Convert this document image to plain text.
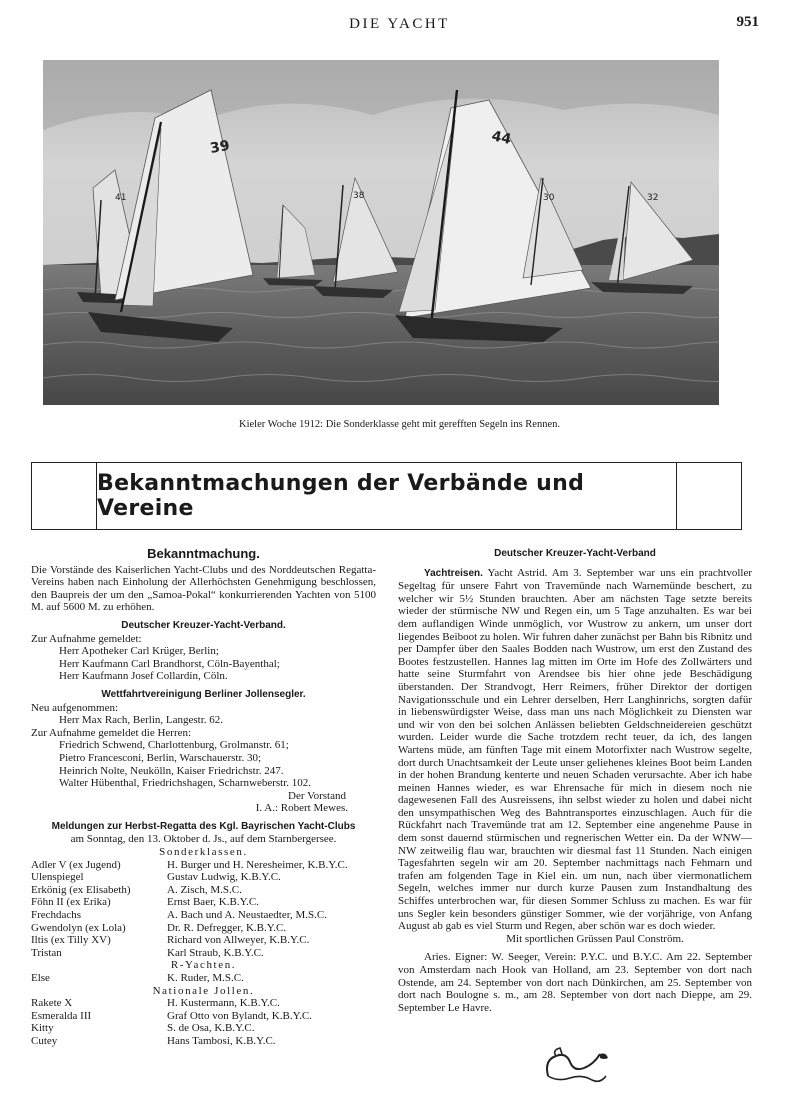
DIE YACHT	951
41
39
38
44
30	32
Kieler Woche 1912: Die Sonderklasse geht mit gerefften Segeln ins Rennen.
Bekanntmachungen der Verbände und Vereine

Bekanntmachung.

Die Vorstände des Kaiserlichen Yacht-Clubs und des Norddeutschen Regatta-Vereins haben nach Einholung der Allerhöchsten Genehmigung beschlossen, den Baupreis der um den „Samoa-Pokal“ konkurrierenden Yachten von 5100 M. auf 5600 M. zu erhöhen.

Deutscher Kreuzer-Yacht-Verband.

Zur Aufnahme gemeldet:

Herr Apotheker Carl Krüger, Berlin;

Herr Kaufmann Carl Brandhorst, Cöln-Bayenthal;

Herr Kaufmann Josef Collardin, Cöln.

Wettfahrtvereinigung Berliner Jollensegler.

Neu aufgenommen:

Herr Max Rach, Berlin, Langestr. 62.

Zur Aufnahme gemeldet die Herren:

Friedrich Schwend, Charlottenburg, Grolmanstr. 61;

Pietro Francesconi, Berlin, Warschauerstr. 30;

Heinrich Nolte, Neukölln, Kaiser Friedrichstr. 247.

Walter Hübenthal, Friedrichshagen, Scharnweberstr. 102.

Der Vorstand

I. A.: Robert Mewes.

Meldungen zur Herbst-Regatta des Kgl. Bayrischen Yacht-Clubs

am Sonntag, den 13. Oktober d. Js., auf dem Starnbergersee.

Sonderklassen.

Adler V (ex Jugend)	H. Burger und H. Neresheimer, K.B.Y.C.
Ulenspiegel	Gustav Ludwig, K.B.Y.C.
Erkönig (ex Elisabeth)	A. Zisch, M.S.C.
Föhn II (ex Erika)	Ernst Baer, K.B.Y.C.
Frechdachs	A. Bach und A. Neustaedter, M.S.C.
Gwendolyn (ex Lola)	Dr. R. Defregger, K.B.Y.C.
Iltis (ex Tilly XV)	Richard von Allweyer, K.B.Y.C.
Tristan	Karl Straub, K.B.Y.C.

R-Yachten.

Else	K. Ruder, M.S.C.

Nationale Jollen.

Rakete X	H. Kustermann, K.B.Y.C.
Esmeralda III	Graf Otto von Bylandt, K.B.Y.C.
Kitty	S. de Osa, K.B.Y.C.
Cutey	Hans Tambosi, K.B.Y.C.

Deutscher Kreuzer-Yacht-Verband

Yachtreisen. Yacht Astrid. Am 3. September war uns ein prachtvoller Segeltag für unsere Fahrt von Travemünde nach Warnemünde beschert, zu welcher wir 5½ Stunden brauchten. Aber am nächsten Tage setzte bereits wieder der stürmische NW und Regen ein, um 5 Tage anzuhalten. Es war bei dem auflandigen Winde unmöglich, vor Wustrow zu ankern, um unser dort liegendes Beiboot zu holen. Wir fuhren daher zunächst per Bahn bis Ribnitz und per Dampfer über den Saales Bodden nach Wustrow, um erst den Zustand des Bootes festzustellen. Hannes lag mitten im Orte im Hofe des Zollwärters und hatte seine Sturmfahrt von Arendsee bis hier ohne jede Beschädigung überstanden. Der Strandvogt, Herr Reimers, früher Direktor der dortigen Navigationsschule und ein Lehrer derselben, Herr Langhinrichs, sorgten dafür in liebenswürdigster Weise, dass man uns nach Möglichkeit zu Diensten war und wir von den bei solchen Anlässen beliebten Geldschneidereien geschützt wurden. Leider wurde die Sache trotzdem recht teuer, da ich, des langen Wartens müde, am fünften Tage mit einem Motorfixter nach Wustrow segelte, dort durch Unachtsamkeit der Leute unser geliehenes kleines Boot beim Landen in der hohen Brandung kenterte und neuen Schaden verursachte. Aber ich habe meinen Hannes wieder, es war Ehrensache für mich in diesem noch nie dagewesenen Fall des Ausreissens, ihn selbst wieder zu holen und dabei nicht den unsympathischen Weg des Bahntransportes einzuschlagen. Auch für die Rückfahrt nach Travemünde trat am 12. September eine angenehme Pause in dem sonst dauernd stürmischen und regnerischen Wetter ein. Da der WNW—NW zeitweilig flau war, brauchten wir diesmal fast 11 Stunden. Nach einigen Tagesfahrten segeln wir am 20. September nachmittags nach Fehmarn und trafen am folgenden Tage in Kiel ein. um nun, nach über viermonatlichem Segeln, welches immer nur durch kurze Pausen zum Instandhaltung des Schiffes unterbrochen war, für diesen Sommer Schluss zu machen. Es war für uns Segler kein besonders günstiger Sommer, wie der vorjährige, von Anfang August ab gab es viel Sturm und Regen, aber schön war es doch wieder.

Mit sportlichen Grüssen Paul Conström.

Aries. Eigner: W. Seeger, Verein: P.Y.C. und B.Y.C. Am 22. September von Amsterdam nach Hook van Holland, am 23. September von dort nach Ostende, am 24. September von dort nach Dünkirchen, am 25. September von dort nach Boulogne s. m., am 28. September von dort nach Dieppe, am 29. September Le Havre.
